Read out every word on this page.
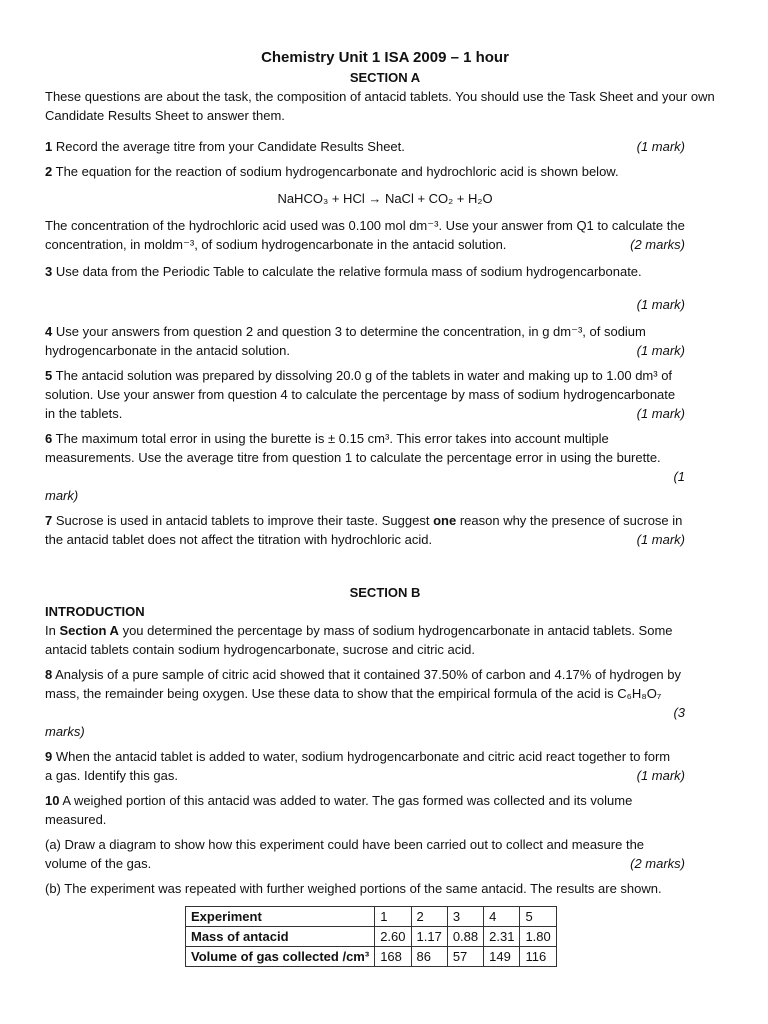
Chemistry Unit 1 ISA 2009 – 1 hour

SECTION A

These questions are about the task, the composition of antacid tablets. You should use the Task Sheet and your own Candidate Results Sheet to answer them.

1 Record the average titre from your Candidate Results Sheet.	(1 mark)

2 The equation for the reaction of sodium hydrogencarbonate and hydrochloric acid is shown below.

NaHCO₃ + HCl → NaCl + CO₂ + H₂O

The concentration of the hydrochloric acid used was 0.100 mol dm⁻³. Use your answer from Q1 to calculate the

concentration, in moldm⁻³, of sodium hydrogencarbonate in the antacid solution.	(2 marks)

3 Use data from the Periodic Table to calculate the relative formula mass of sodium hydrogencarbonate.

(1 mark)

4 Use your answers from question 2 and question 3 to determine the concentration, in g dm⁻³, of sodium

hydrogencarbonate in the antacid solution.	(1 mark)

5 The antacid solution was prepared by dissolving 20.0 g of the tablets in water and making up to 1.00 dm³ of

solution. Use your answer from question 4 to calculate the percentage by mass of sodium hydrogencarbonate

in the tablets.	(1 mark)

6 The maximum total error in using the burette is ± 0.15 cm³. This error takes into account multiple

measurements. Use the average titre from question 1 to calculate the percentage error in using the burette.

(1

mark)

7 Sucrose is used in antacid tablets to improve their taste. Suggest one reason why the presence of sucrose in

the antacid tablet does not affect the titration with hydrochloric acid.	(1 mark)

SECTION B

INTRODUCTION

In Section A you determined the percentage by mass of sodium hydrogencarbonate in antacid tablets. Some

antacid tablets contain sodium hydrogencarbonate, sucrose and citric acid.

8 Analysis of a pure sample of citric acid showed that it contained 37.50% of carbon and 4.17% of hydrogen by

mass, the remainder being oxygen. Use these data to show that the empirical formula of the acid is C₆H₈O₇

(3

marks)

9 When the antacid tablet is added to water, sodium hydrogencarbonate and citric acid react together to form

a gas. Identify this gas.	(1 mark)

10 A weighed portion of this antacid was added to water. The gas formed was collected and its volume

measured.

(a) Draw a diagram to show how this experiment could have been carried out to collect and measure the

volume of the gas.	(2 marks)

(b) The experiment was repeated with further weighed portions of the same antacid. The results are shown.

Experiment	1	2	3	4	5
Mass of antacid	2.60	1.17	0.88	2.31	1.80
Volume of gas collected /cm³	168	86	57	149	116
